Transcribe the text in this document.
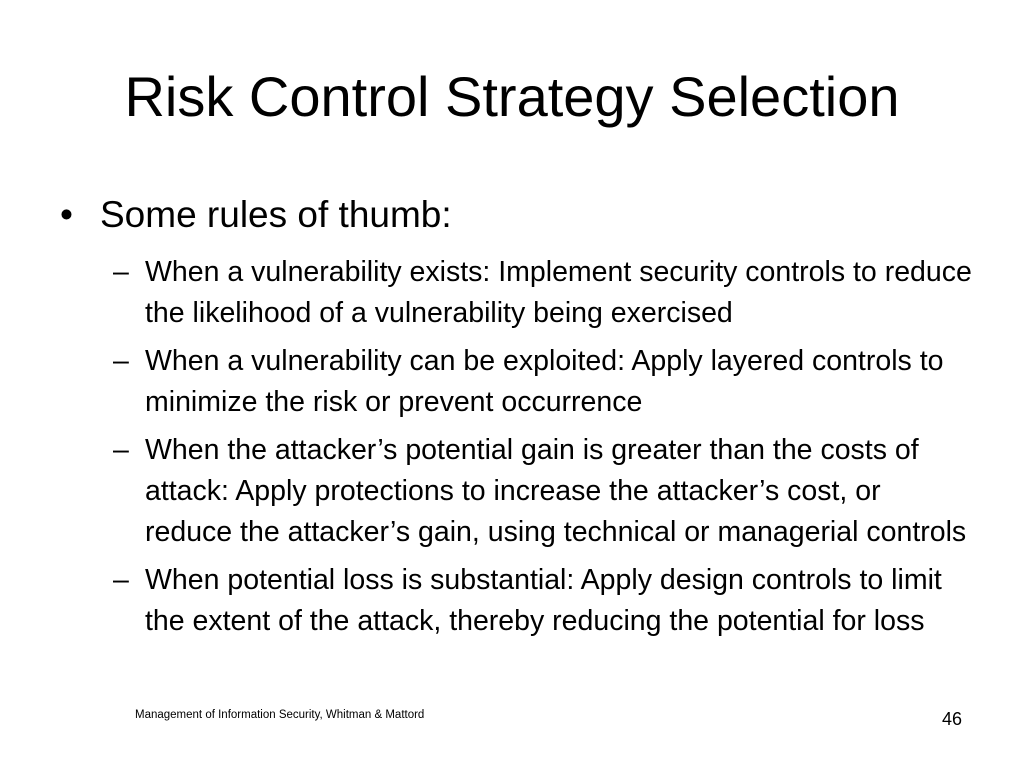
Risk Control Strategy Selection
• Some rules of thumb:
– When a vulnerability exists: Implement security controls to reduce the likelihood of a vulnerability being exercised
– When a vulnerability can be exploited: Apply layered controls to minimize the risk or prevent occurrence
– When the attacker’s potential gain is greater than the costs of attack: Apply protections to increase the attacker’s cost, or reduce the attacker’s gain, using technical or managerial controls
– When potential loss is substantial: Apply design controls to limit the extent of the attack, thereby reducing the potential for loss
Management of Information Security, Whitman & Mattord	46
